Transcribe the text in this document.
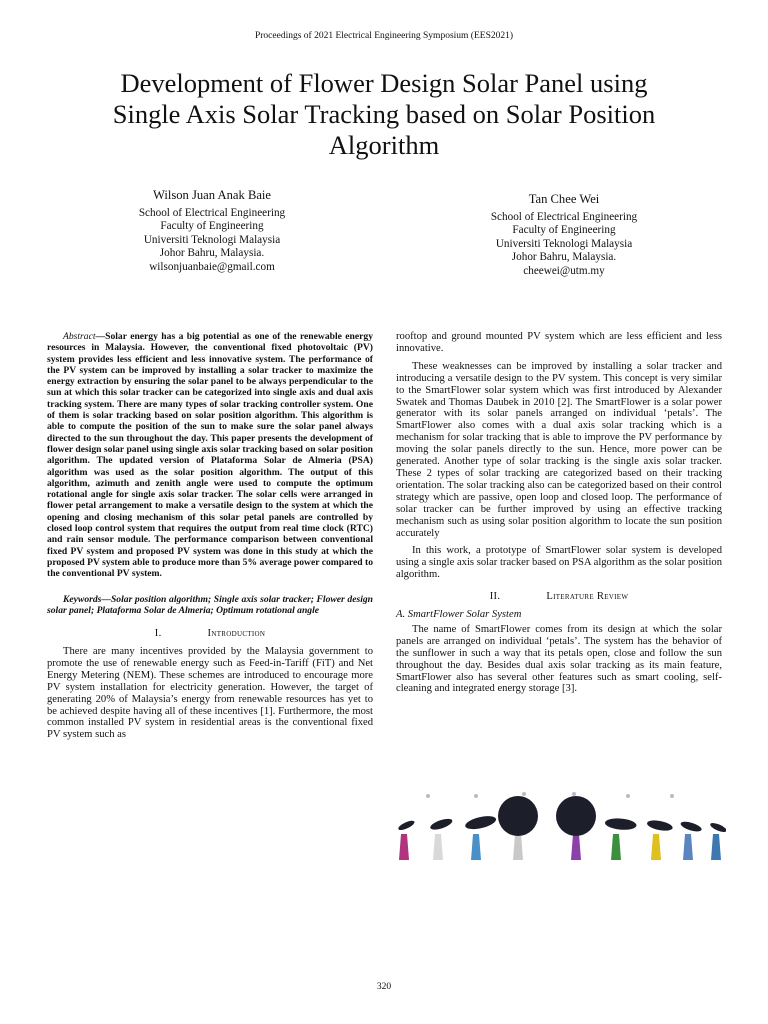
Proceedings of 2021 Electrical Engineering Symposium (EES2021)
Development of Flower Design Solar Panel using
Single Axis Solar Tracking based on Solar Position
Algorithm
Wilson Juan Anak Baie
School of Electrical Engineering
Faculty of Engineering
Universiti Teknologi Malaysia
Johor Bahru, Malaysia.
wilsonjuanbaie@gmail.com
Tan Chee Wei
School of Electrical Engineering
Faculty of Engineering
Universiti Teknologi Malaysia
Johor Bahru, Malaysia.
cheewei@utm.my

Abstract—Solar energy has a big potential as one of the renewable energy resources in Malaysia. However, the conventional fixed photovoltaic (PV) system provides less efficient and less innovative system. The performance of the PV system can be improved by installing a solar tracker to maximize the energy extraction by ensuring the solar panel to be always perpendicular to the sun at which this solar tracker can be categorized into single axis and dual axis tracking system. There are many types of solar tracking controller system. One of them is solar tracking based on solar position algorithm. This algorithm is able to compute the position of the sun to make sure the solar panel always directed to the sun throughout the day. This paper presents the development of flower design solar panel using single axis solar tracking based on solar position algorithm. The updated version of Plataforma Solar de Almeria (PSA) algorithm was used as the solar position algorithm. The output of this algorithm, azimuth and zenith angle were used to compute the optimum rotational angle for single axis solar tracker. The solar cells were arranged in flower petal arrangement to make a versatile design to the system at which the opening and closing mechanism of this solar petal panels are controlled by closed loop control system that requires the output from real time clock (RTC) and rain sensor module. The performance comparison between conventional fixed PV system and proposed PV system was done in this study at which the proposed PV system able to produce more than 5% average power compared to the conventional PV system.

Keywords—Solar position algorithm; Single axis solar tracker; Flower design solar panel; Plataforma Solar de Almeria; Optimum rotational angle

I.	Introduction

There are many incentives provided by the Malaysia government to promote the use of renewable energy such as Feed-in-Tariff (FiT) and Net Energy Metering (NEM). These schemes are introduced to encourage more PV system installation for electricity generation. However, the target of generating 20% of Malaysia’s energy from renewable resources has yet to be achieved despite having all of these incentives [1]. Furthermore, the most common installed PV system in residential areas is the conventional fixed PV system such as

rooftop and ground mounted PV system which are less efficient and less innovative.

These weaknesses can be improved by installing a solar tracker and introducing a versatile design to the PV system. This concept is very similar to the SmartFlower solar system which was first introduced by Alexander Swatek and Thomas Daubek in 2010 [2]. The SmartFlower is a solar power generator with its solar panels arranged on individual ‘petals’. The SmartFlower also comes with a dual axis solar tracking which is a mechanism for solar tracking that is able to improve the PV performance by moving the solar panels directly to the sun. Hence, more power can be generated. Another type of solar tracking is the single axis solar tracker. These 2 types of solar tracking are categorized based on their tracking orientation. The solar tracking also can be categorized based on their control strategy which are passive, open loop and closed loop. The performance of solar tracker can be further improved by using an effective tracking mechanism such as using solar position algorithm to locate the sun position accurately

In this work, a prototype of SmartFlower solar system is developed using a single axis solar tracker based on PSA algorithm as the solar position algorithm.

II.	Literature Review

A. SmartFlower Solar System

The name of SmartFlower comes from its design at which the solar panels are arranged on individual ‘petals’. The system has the behavior of the sunflower in such a way that its petals open, close and follow the sun throughout the day. Besides dual axis solar tracking as its main feature, SmartFlower also has several other features such as smart cooling, self-cleaning and integrated energy storage [3].

320
